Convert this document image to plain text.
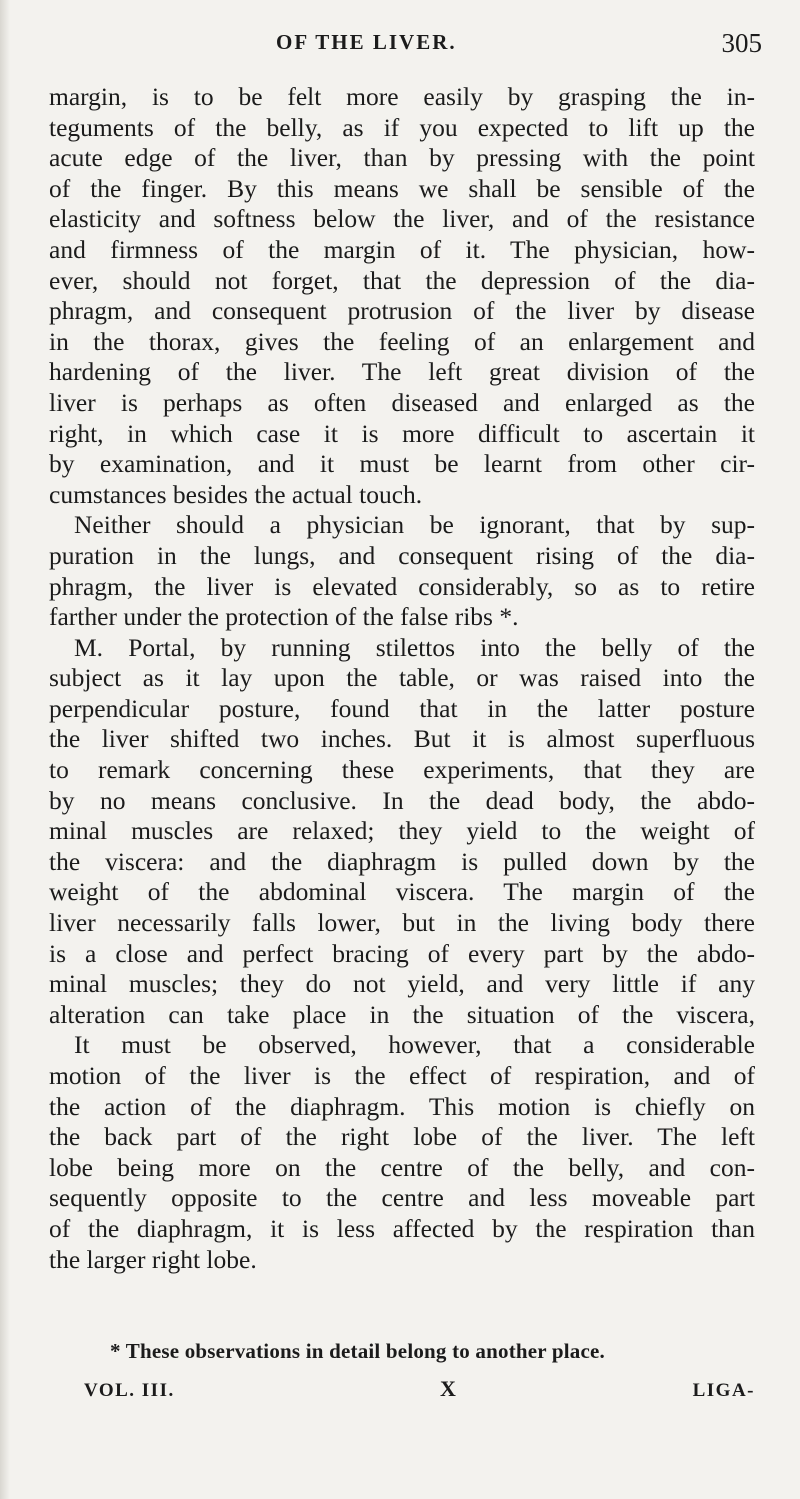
OF THE LIVER.	305
margin, is to be felt more easily by grasping the in-
teguments of the belly, as if you expected to lift up the
acute edge of the liver, than by pressing with the point
of the finger. By this means we shall be sensible of the
elasticity and softness below the liver, and of the resistance
and firmness of the margin of it. The physician, how-
ever, should not forget, that the depression of the dia-
phragm, and consequent protrusion of the liver by disease
in the thorax, gives the feeling of an enlargement and
hardening of the liver. The left great division of the
liver is perhaps as often diseased and enlarged as the
right, in which case it is more difficult to ascertain it
by examination, and it must be learnt from other cir-
cumstances besides the actual touch.
Neither should a physician be ignorant, that by sup-
puration in the lungs, and consequent rising of the dia-
phragm, the liver is elevated considerably, so as to retire
farther under the protection of the false ribs *.
M. Portal, by running stilettos into the belly of the
subject as it lay upon the table, or was raised into the
perpendicular posture, found that in the latter posture
the liver shifted two inches. But it is almost superfluous
to remark concerning these experiments, that they are
by no means conclusive. In the dead body, the abdo-
minal muscles are relaxed; they yield to the weight of
the viscera: and the diaphragm is pulled down by the
weight of the abdominal viscera. The margin of the
liver necessarily falls lower, but in the living body there
is a close and perfect bracing of every part by the abdo-
minal muscles; they do not yield, and very little if any
alteration can take place in the situation of the viscera,
It must be observed, however, that a considerable
motion of the liver is the effect of respiration, and of
the action of the diaphragm. This motion is chiefly on
the back part of the right lobe of the liver. The left
lobe being more on the centre of the belly, and con-
sequently opposite to the centre and less moveable part
of the diaphragm, it is less affected by the respiration than
the larger right lobe.
* These observations in detail belong to another place.
VOL. III.	X	LIGA-
